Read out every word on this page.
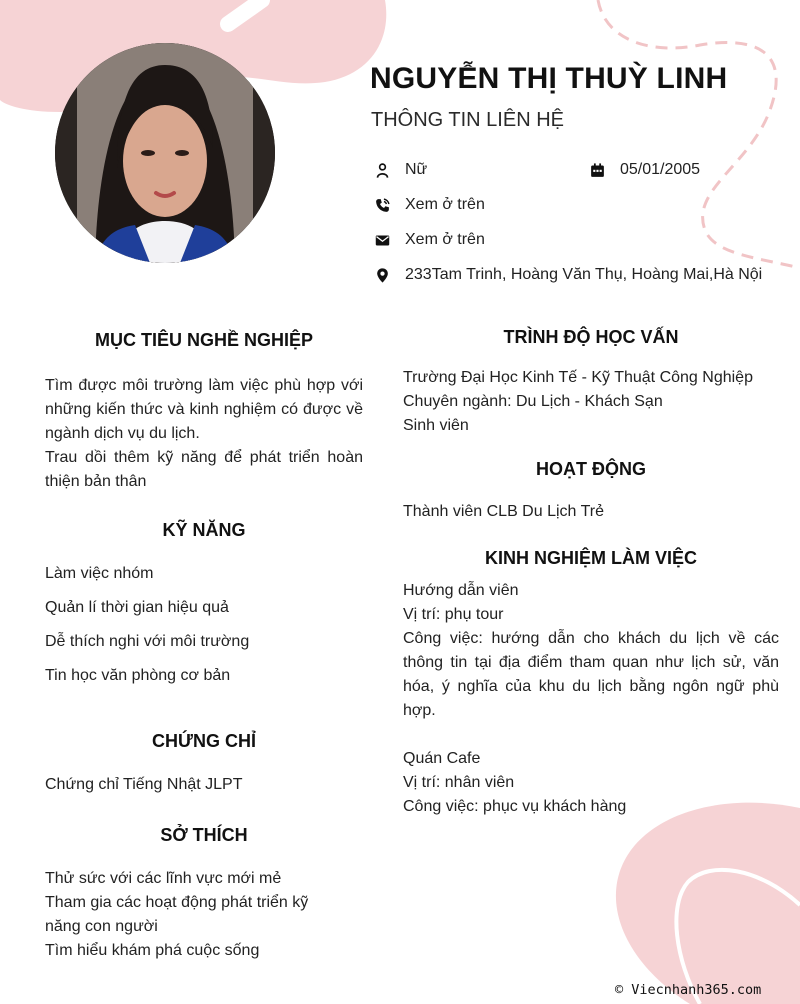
NGUYỄN THỊ THUỲ LINH
THÔNG TIN LIÊN HỆ
Nữ	05/01/2005
Xem ở trên
Xem ở trên
233Tam Trinh, Hoàng Văn Thụ, Hoàng Mai,Hà Nội
MỤC TIÊU NGHỀ NGHIỆP
Tìm được môi trường làm việc phù hợp với những kiến thức và kinh nghiệm có được về ngành dịch vụ du lịch.
Trau dồi thêm kỹ năng để phát triển hoàn thiện bản thân
KỸ NĂNG
Làm việc nhóm
Quản lí thời gian hiệu quả
Dễ thích nghi với môi trường
Tin học văn phòng cơ bản
CHỨNG CHỈ
Chứng chỉ Tiếng Nhật JLPT
SỞ THÍCH
Thử sức với các lĩnh vực mới mẻ
Tham gia các hoạt động phát triển kỹ năng con người
Tìm hiểu khám phá cuộc sống
TRÌNH ĐỘ HỌC VẤN
Trường Đại Học Kinh Tế - Kỹ Thuật Công Nghiệp
Chuyên ngành: Du Lịch - Khách Sạn
Sinh viên
HOẠT ĐỘNG
Thành viên CLB Du Lịch Trẻ
KINH NGHIỆM LÀM VIỆC
Hướng dẫn viên
Vị trí: phụ tour
Công việc: hướng dẫn cho khách du lịch về các thông tin tại địa điểm tham quan như lịch sử, văn hóa, ý nghĩa của khu du lịch bằng ngôn ngữ phù hợp.
Quán Cafe
Vị trí: nhân viên
Công việc: phục vụ khách hàng
© Viecnhanh365.com
